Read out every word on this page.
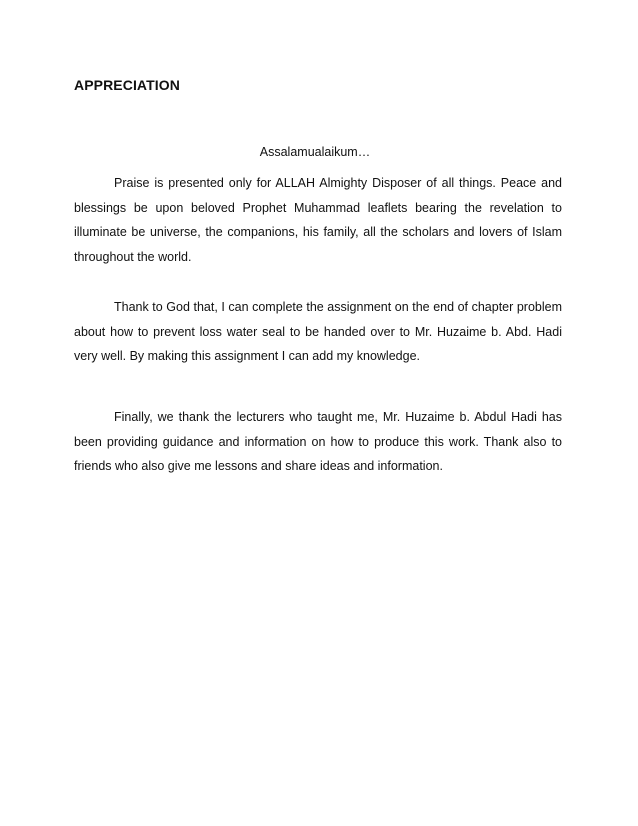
APPRECIATION

Assalamualaikum…

Praise is presented only for ALLAH Almighty Disposer of all things. Peace and blessings be upon beloved Prophet Muhammad leaflets bearing the revelation to illuminate be universe, the companions, his family, all the scholars and lovers of Islam throughout the world.

Thank to God that, I can complete the assignment on the end of chapter problem about how to prevent loss water seal to be handed over to Mr. Huzaime b. Abd. Hadi very well. By making this assignment I can add my knowledge.

Finally, we thank the lecturers who taught me, Mr. Huzaime b. Abdul Hadi has been providing guidance and information on how to produce this work. Thank also to friends who also give me lessons and share ideas and information.
